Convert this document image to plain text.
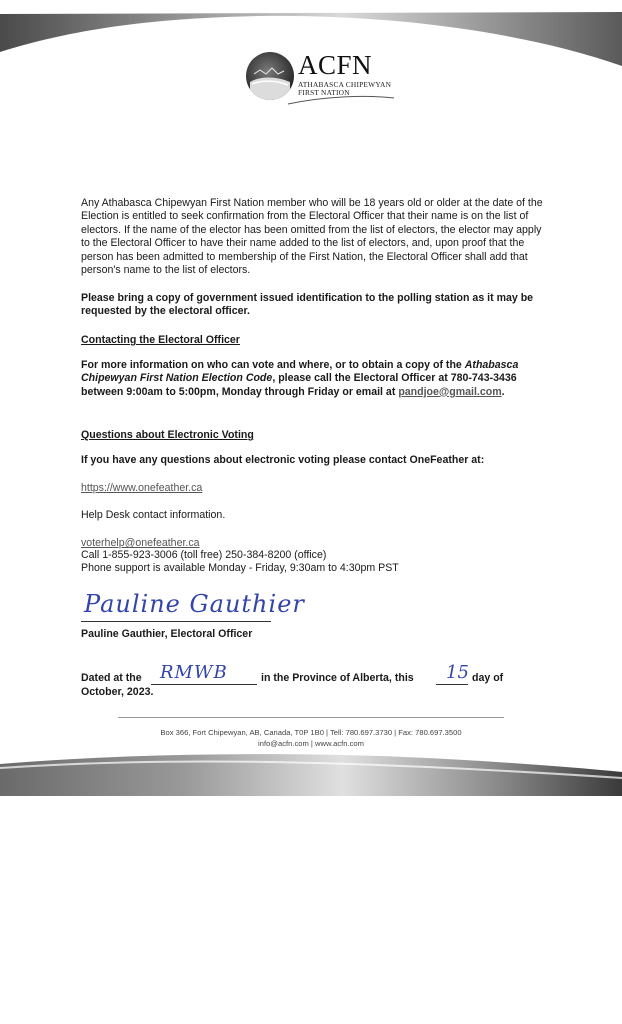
ACFN
ATHABASCA CHIPEWYAN
FIRST NATION
Any Athabasca Chipewyan First Nation member who will be 18 years old or older at the date of the Election is entitled to seek confirmation from the Electoral Officer that their name is on the list of electors. If the name of the elector has been omitted from the list of electors, the elector may apply to the Electoral Officer to have their name added to the list of electors, and, upon proof that the person has been admitted to membership of the First Nation, the Electoral Officer shall add that person's name to the list of electors.
Please bring a copy of government issued identification to the polling station as it may be requested by the electoral officer.
Contacting the Electoral Officer
For more information on who can vote and where, or to obtain a copy of the Athabasca Chipewyan First Nation Election Code, please call the Electoral Officer at 780-743-3436 between 9:00am to 5:00pm, Monday through Friday or email at pandjoe@gmail.com.
Questions about Electronic Voting
If you have any questions about electronic voting please contact OneFeather at:
https://www.onefeather.ca
Help Desk contact information.
voterhelp@onefeather.ca
Call 1-855-923-3006 (toll free) 250-384-8200 (office)
Phone support is available Monday - Friday, 9:30am to 4:30pm PST
Pauline Gauthier
Pauline Gauthier, Electoral Officer
Dated at the RMWB	in the Province of Alberta, this 15 day of
October, 2023.
Box 366, Fort Chipewyan, AB, Canada, T0P 1B0 | Tell: 780.697.3730 | Fax: 780.697.3500
info@acfn.com | www.acfn.com
